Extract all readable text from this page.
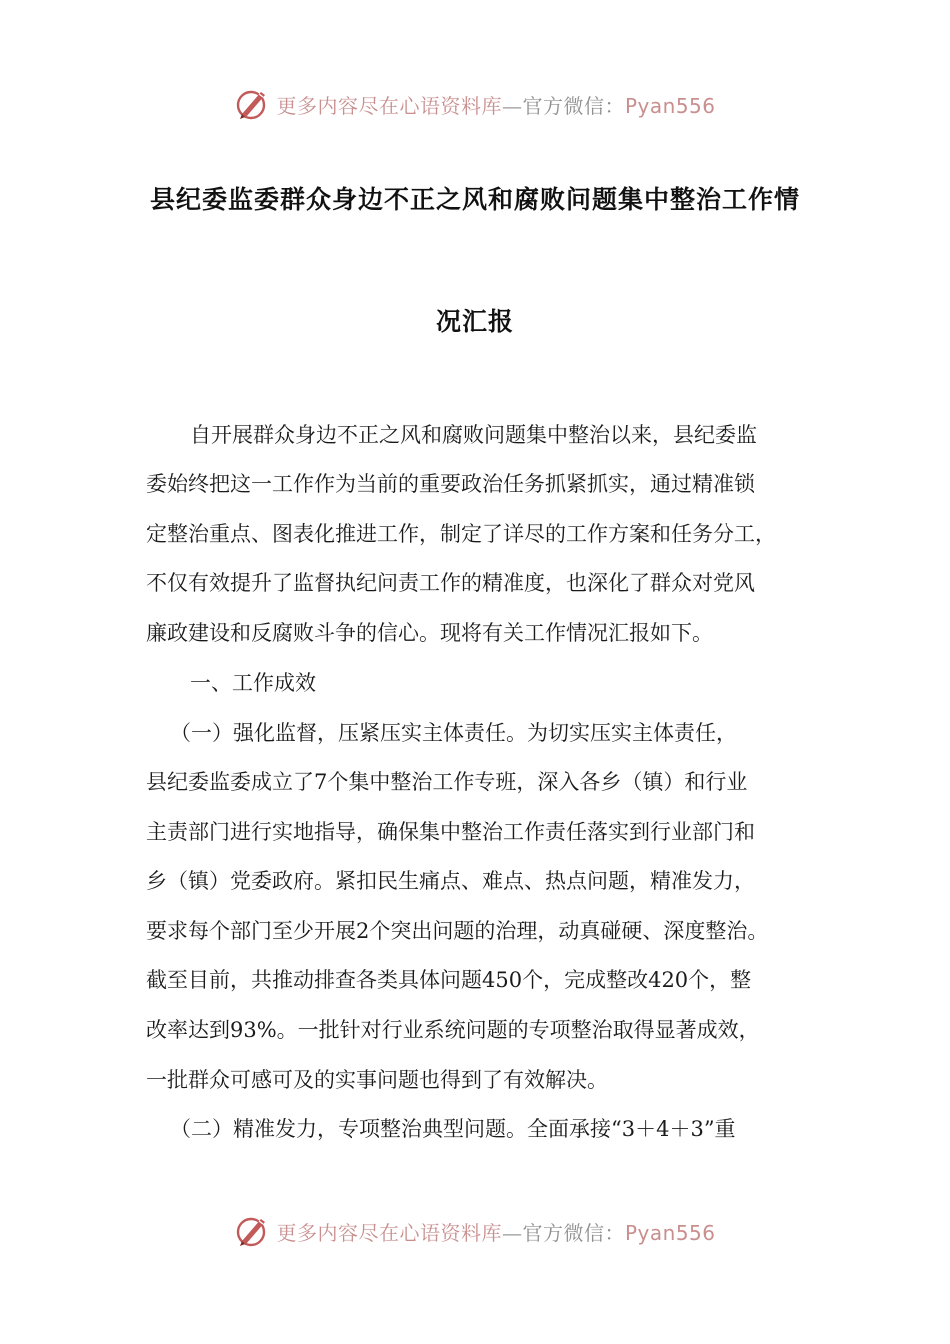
更多内容尽在心语资料库—官方微信：Pyan556
县纪委监委群众身边不正之风和腐败问题集中整治工作情
况汇报
自开展群众身边不正之风和腐败问题集中整治以来，县纪委监
委始终把这一工作作为当前的重要政治任务抓紧抓实，通过精准锁
定整治重点、图表化推进工作，制定了详尽的工作方案和任务分工，
不仅有效提升了监督执纪问责工作的精准度，也深化了群众对党风
廉政建设和反腐败斗争的信心。现将有关工作情况汇报如下。
一、工作成效
（一）强化监督，压紧压实主体责任。为切实压实主体责任，
县纪委监委成立了7个集中整治工作专班，深入各乡（镇）和行业
主责部门进行实地指导，确保集中整治工作责任落实到行业部门和
乡（镇）党委政府。紧扣民生痛点、难点、热点问题，精准发力，
要求每个部门至少开展2个突出问题的治理，动真碰硬、深度整治。
截至目前，共推动排查各类具体问题450个，完成整改420个，整
改率达到93%。一批针对行业系统问题的专项整治取得显著成效，
一批群众可感可及的实事问题也得到了有效解决。
（二）精准发力，专项整治典型问题。全面承接“3＋4＋3”重
更多内容尽在心语资料库—官方微信：Pyan556
